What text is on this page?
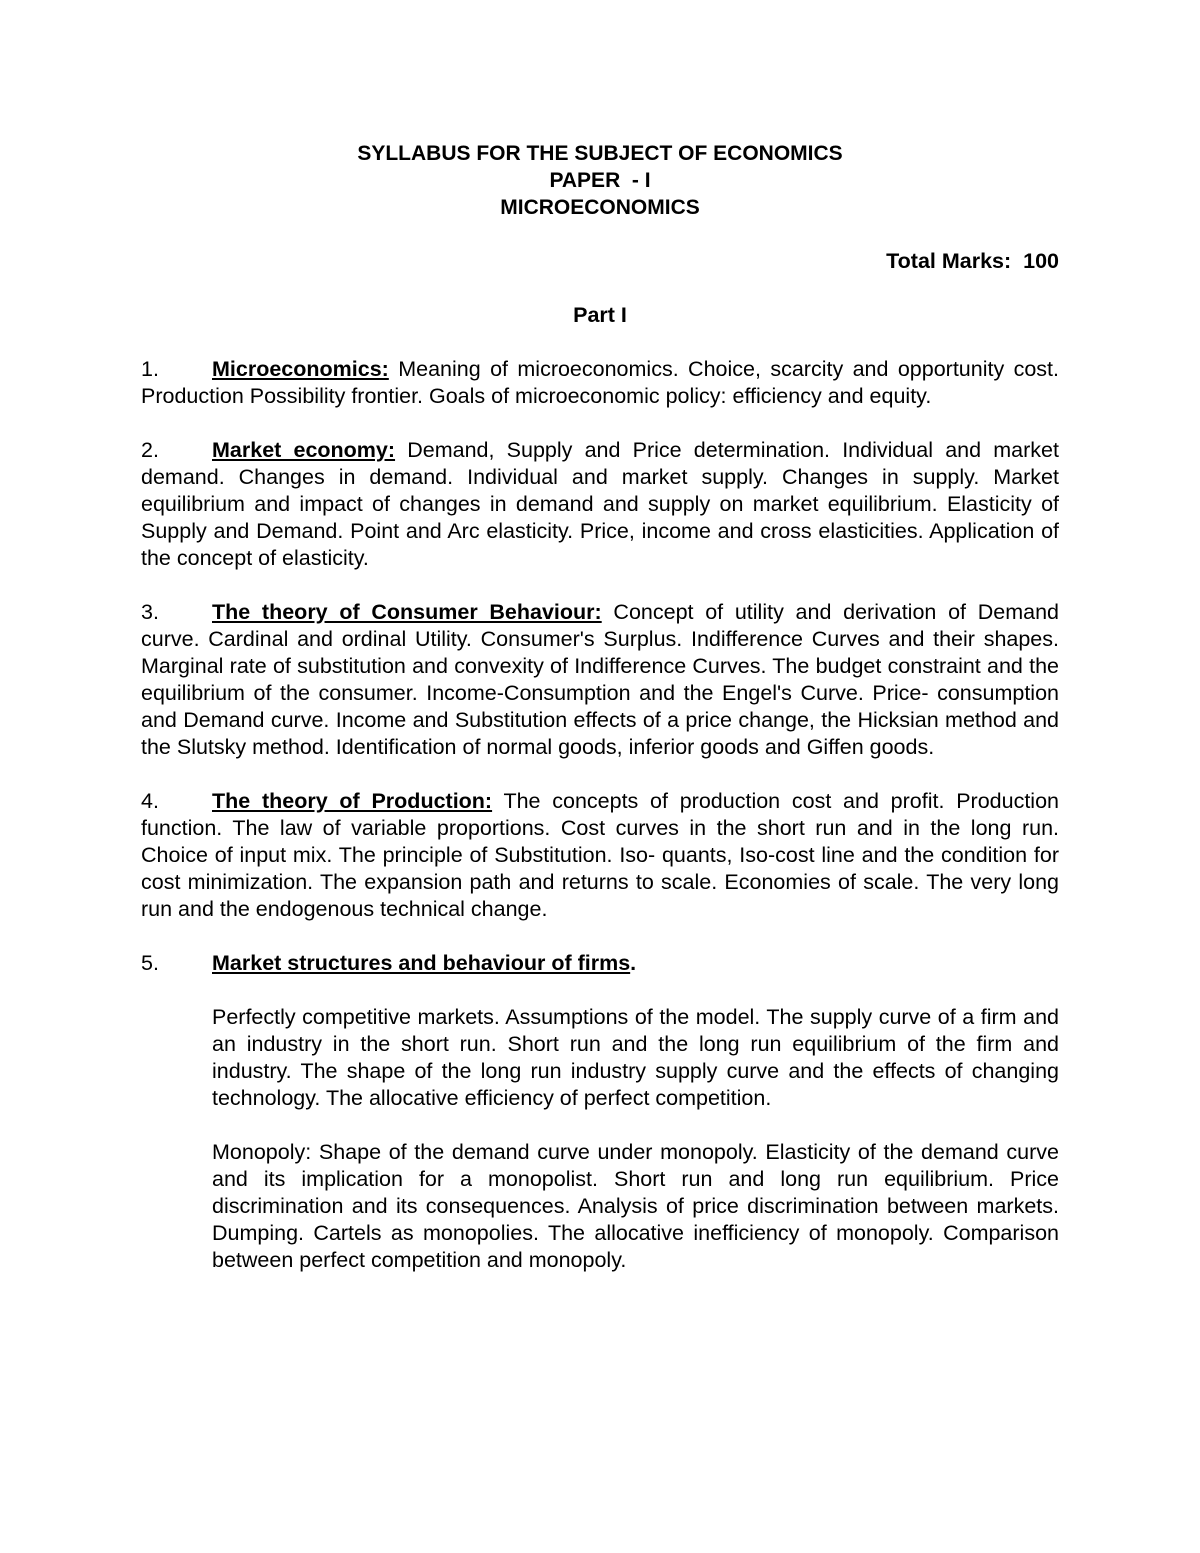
SYLLABUS FOR THE SUBJECT OF ECONOMICS
PAPER  - I
MICROECONOMICS
Total Marks:  100
Part I
1. Microeconomics: Meaning of microeconomics. Choice, scarcity and opportunity cost. Production Possibility frontier. Goals of microeconomic policy: efficiency and equity.
2. Market economy: Demand, Supply and Price determination. Individual and market demand. Changes in demand. Individual and market supply. Changes in supply. Market equilibrium and impact of changes in demand and supply on market equilibrium. Elasticity of Supply and Demand. Point and Arc elasticity. Price, income and cross elasticities. Application of the concept of elasticity.
3. The theory of Consumer Behaviour: Concept of utility and derivation of Demand curve. Cardinal and ordinal Utility. Consumer's Surplus. Indifference Curves and their shapes. Marginal rate of substitution and convexity of Indifference Curves. The budget constraint and the equilibrium of the consumer. Income-Consumption and the Engel's Curve. Price- consumption and Demand curve. Income and Substitution effects of a price change, the Hicksian method and the Slutsky method. Identification of normal goods, inferior goods and Giffen goods.
4. The theory of Production: The concepts of production cost and profit. Production function. The law of variable proportions. Cost curves in the short run and in the long run. Choice of input mix. The principle of Substitution. Iso- quants, Iso-cost line and the condition for cost minimization. The expansion path and returns to scale. Economies of scale. The very long run and the endogenous technical change.
5. Market structures and behaviour of firms.
Perfectly competitive markets. Assumptions of the model. The supply curve of a firm and an industry in the short run. Short run and the long run equilibrium of the firm and industry. The shape of the long run industry supply curve and the effects of changing technology. The allocative efficiency of perfect competition.
Monopoly: Shape of the demand curve under monopoly. Elasticity of the demand curve and its implication for a monopolist. Short run and long run equilibrium. Price discrimination and its consequences. Analysis of price discrimination between markets. Dumping. Cartels as monopolies. The allocative inefficiency of monopoly. Comparison between perfect competition and monopoly.
